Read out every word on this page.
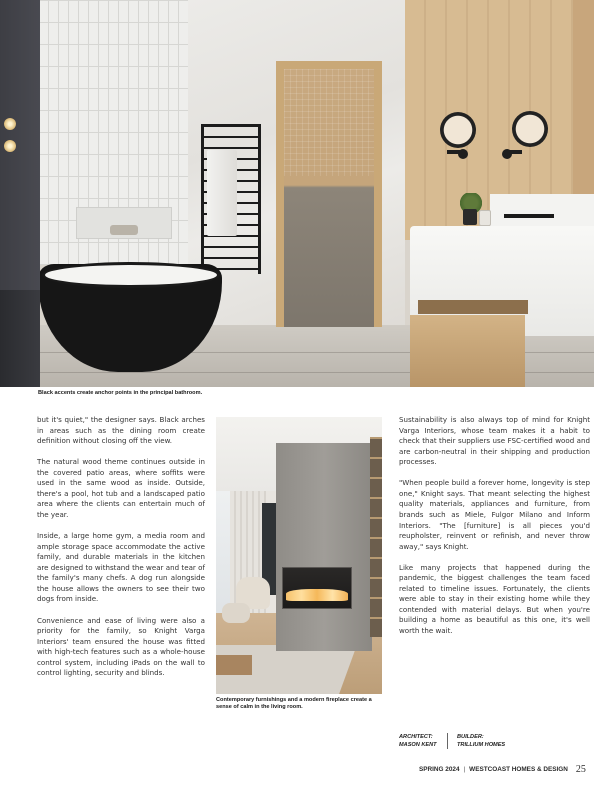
Black accents create anchor points in the principal bathroom.

but it's quiet," the designer says. Black arches in areas such as the dining room create definition without closing off the view.

The natural wood theme continues outside in the covered patio areas, where soffits were used in the same wood as inside. Outside, there's a pool, hot tub and a landscaped patio area where the clients can entertain much of the year.

Inside, a large home gym, a media room and ample storage space accommodate the active family, and durable materials in the kitchen are designed to withstand the wear and tear of the family's many chefs. A dog run alongside the house allows the owners to see their two dogs from inside.

Convenience and ease of living were also a priority for the family, so Knight Varga Interiors' team ensured the house was fitted with high-tech features such as a whole-house control system, including iPads on the wall to control lighting, security and blinds.

Contemporary furnishings and a modern fireplace create a sense of calm in the living room.

Sustainability is also always top of mind for Knight Varga Interiors, whose team makes it a habit to check that their suppliers use FSC-certified wood and are carbon-neutral in their shipping and production processes.

"When people build a forever home, longevity is step one," Knight says. That meant selecting the highest quality materials, appliances and furniture, from brands such as Miele, Fulgor Milano and Inform Interiors. "The [furniture] is all pieces you'd reupholster, reinvent or refinish, and never throw away," says Knight.

Like many projects that happened during the pandemic, the biggest challenges the team faced related to timeline issues. Fortunately, the clients were able to stay in their existing home while they contended with material delays. But when you're building a home as beautiful as this one, it's well worth the wait.

ARCHITECT:
MASON KENT
BUILDER:
TRILLIUM HOMES
SPRING 2024 | WESTCOAST HOMES & DESIGN 25
